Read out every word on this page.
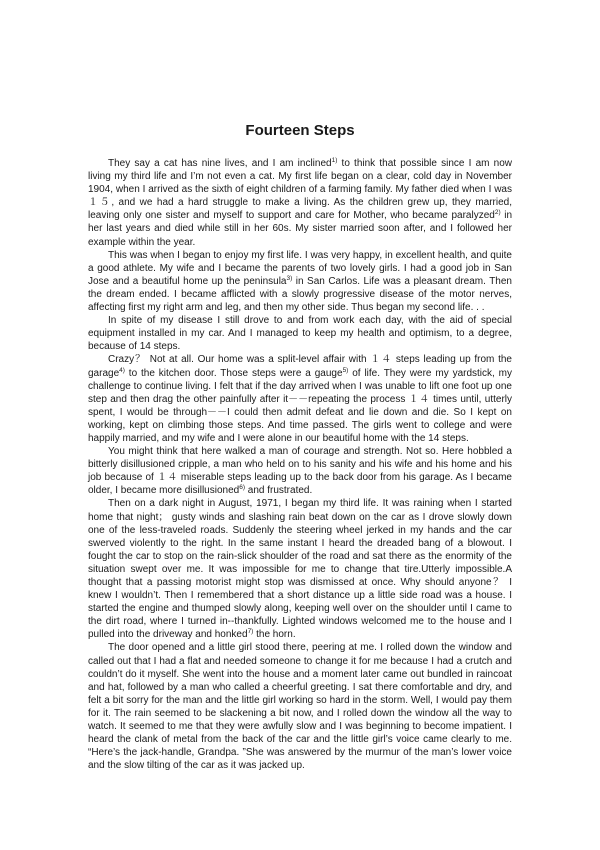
Fourteen Steps

They say a cat has nine lives, and I am inclined$^{1)}$ to think that possible since I am now living my third life and I’m not even a cat. My first life began on a clear, cold day in November 1904, when I arrived as the sixth of eight children of a farming family. My father died when I was １５, and we had a hard struggle to make a living. As the children grew up, they married, leaving only one sister and myself to support and care for Mother, who became paralyzed$^{2)}$ in her last years and died while still in her 60s. My sister married soon after, and I followed her example within the year.

This was when I began to enjoy my first life. I was very happy, in excellent health, and quite a good athlete. My wife and I became the parents of two lovely girls. I had a good job in San Jose and a beautiful home up the peninsula$^{3)}$ in San Carlos. Life was a pleasant dream. Then the dream ended. I became afflicted with a slowly progressive disease of the motor nerves, affecting first my right arm and leg, and then my other side. Thus began my second life. . .

In spite of my disease I still drove to and from work each day, with the aid of special equipment installed in my car. And I managed to keep my health and optimism, to a degree, because of 14 steps.

Crazy？ Not at all. Our home was a split-level affair with １４ steps leading up from the garage$^{4)}$ to the kitchen door. Those steps were a gauge$^{5)}$ of life. They were my yardstick, my challenge to continue living. I felt that if the day arrived when I was unable to lift one foot up one step and then drag the other painfully after it－－repeating the process １４ times until, utterly spent, I would be through－－I could then admit defeat and lie down and die. So I kept on working, kept on climbing those steps. And time passed. The girls went to college and were happily married, and my wife and I were alone in our beautiful home with the 14 steps.

You might think that here walked a man of courage and strength. Not so. Here hobbled a bitterly disillusioned cripple, a man who held on to his sanity and his wife and his home and his job because of １４ miserable steps leading up to the back door from his garage. As I became older, I became more disillusioned$^{6)}$ and frustrated.

Then on a dark night in August, 1971, I began my third life. It was raining when I started home that night； gusty winds and slashing rain beat down on the car as I drove slowly down one of the less-traveled roads. Suddenly the steering wheel jerked in my hands and the car swerved violently to the right. In the same instant I heard the dreaded bang of a blowout. I fought the car to stop on the rain-slick shoulder of the road and sat there as the enormity of the situation swept over me. It was impossible for me to change that tire.Utterly impossible.A thought that a passing motorist might stop was dismissed at once. Why should anyone？ I knew I wouldn’t. Then I remembered that a short distance up a little side road was a house. I started the engine and thumped slowly along, keeping well over on the shoulder until I came to the dirt road, where I turned in--thankfully. Lighted windows welcomed me to the house and I pulled into the driveway and honked$^{7)}$ the horn.

The door opened and a little girl stood there, peering at me. I rolled down the window and called out that I had a flat and needed someone to change it for me because I had a crutch and couldn’t do it myself. She went into the house and a moment later came out bundled in raincoat and hat, followed by a man who called a cheerful greeting. I sat there comfortable and dry, and felt a bit sorry for the man and the little girl working so hard in the storm. Well, I would pay them for it. The rain seemed to be slackening a bit now, and I rolled down the window all the way to watch. It seemed to me that they were awfully slow and I was beginning to become impatient. I heard the clank of metal from the back of the car and the little girl’s voice came clearly to me. “Here’s the jack-handle, Grandpa. ”She was answered by the murmur of the man’s lower voice and the slow tilting of the car as it was jacked up.
